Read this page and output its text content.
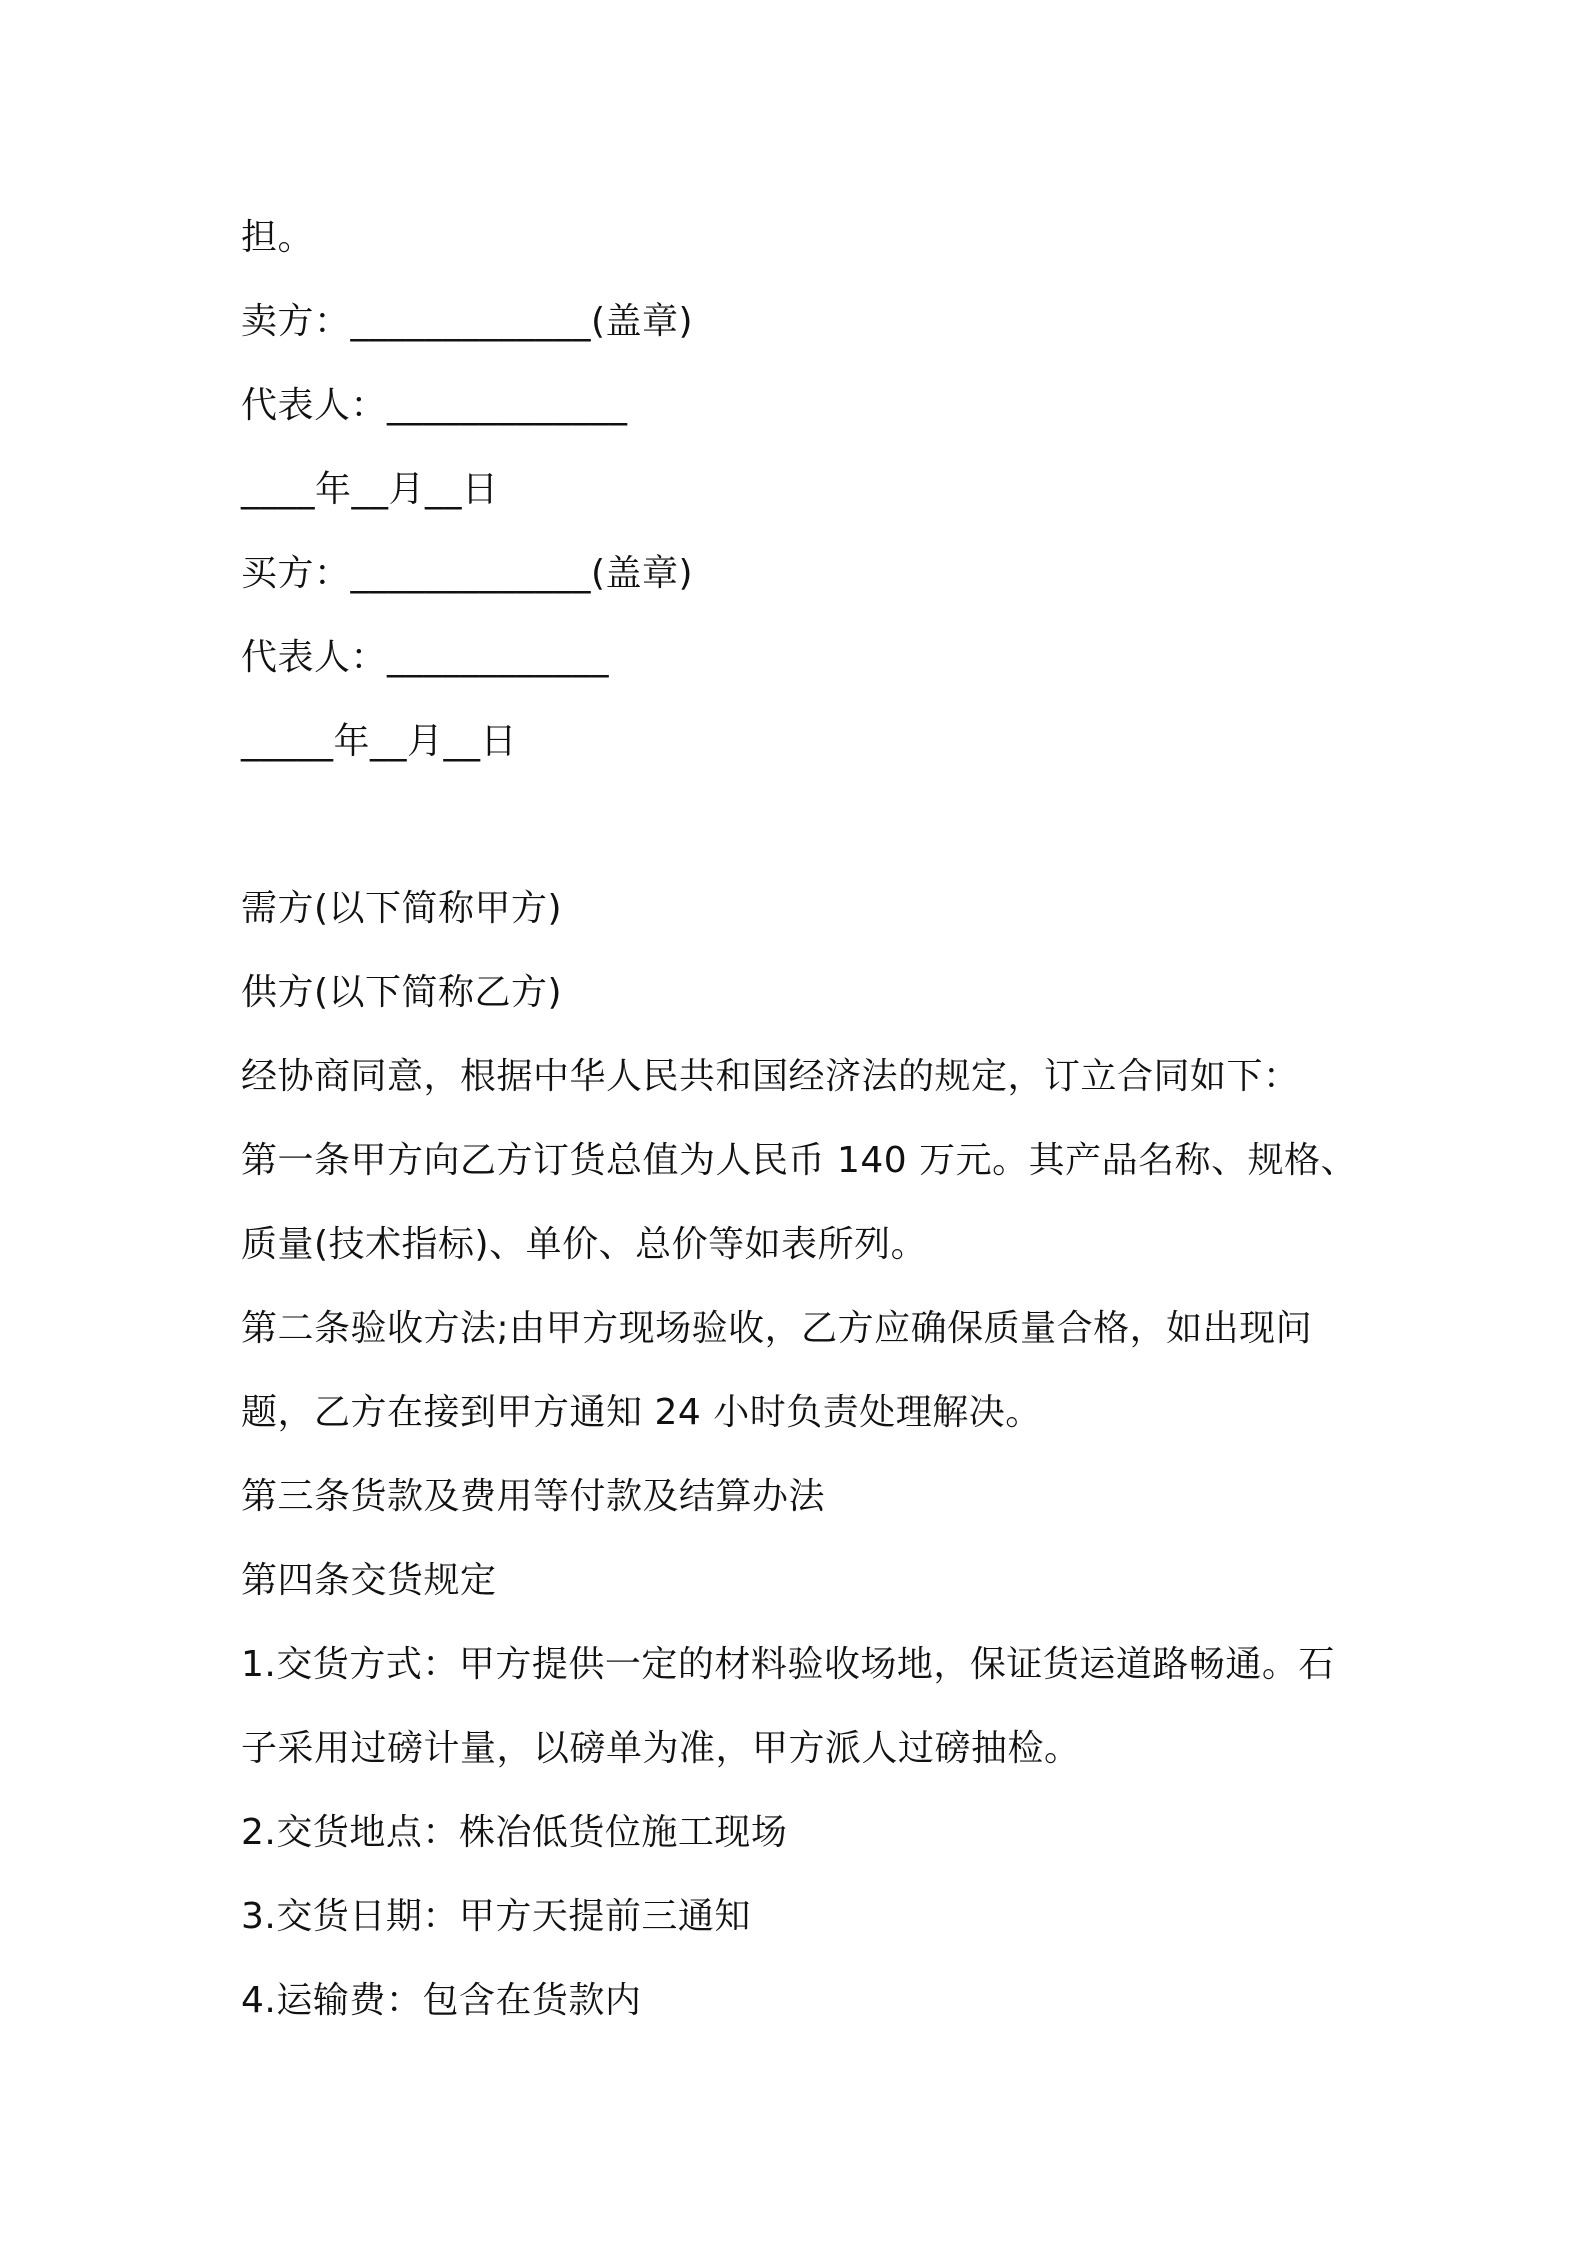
担。
卖方：_____________(盖章)
代表人：_____________
____年__月__日
买方：_____________(盖章)
代表人：____________
_____年__月__日
需方(以下简称甲方)
供方(以下简称乙方)
经协商同意，根据中华人民共和国经济法的规定，订立合同如下：
第一条甲方向乙方订货总值为人民币 140 万元。其产品名称、规格、
质量(技术指标)、单价、总价等如表所列。
第二条验收方法;由甲方现场验收，乙方应确保质量合格，如出现问
题，乙方在接到甲方通知 24 小时负责处理解决。
第三条货款及费用等付款及结算办法
第四条交货规定
1.交货方式：甲方提供一定的材料验收场地，保证货运道路畅通。石
子采用过磅计量，以磅单为准，甲方派人过磅抽检。
2.交货地点：株冶低货位施工现场
3.交货日期：甲方天提前三通知
4.运输费：包含在货款内
